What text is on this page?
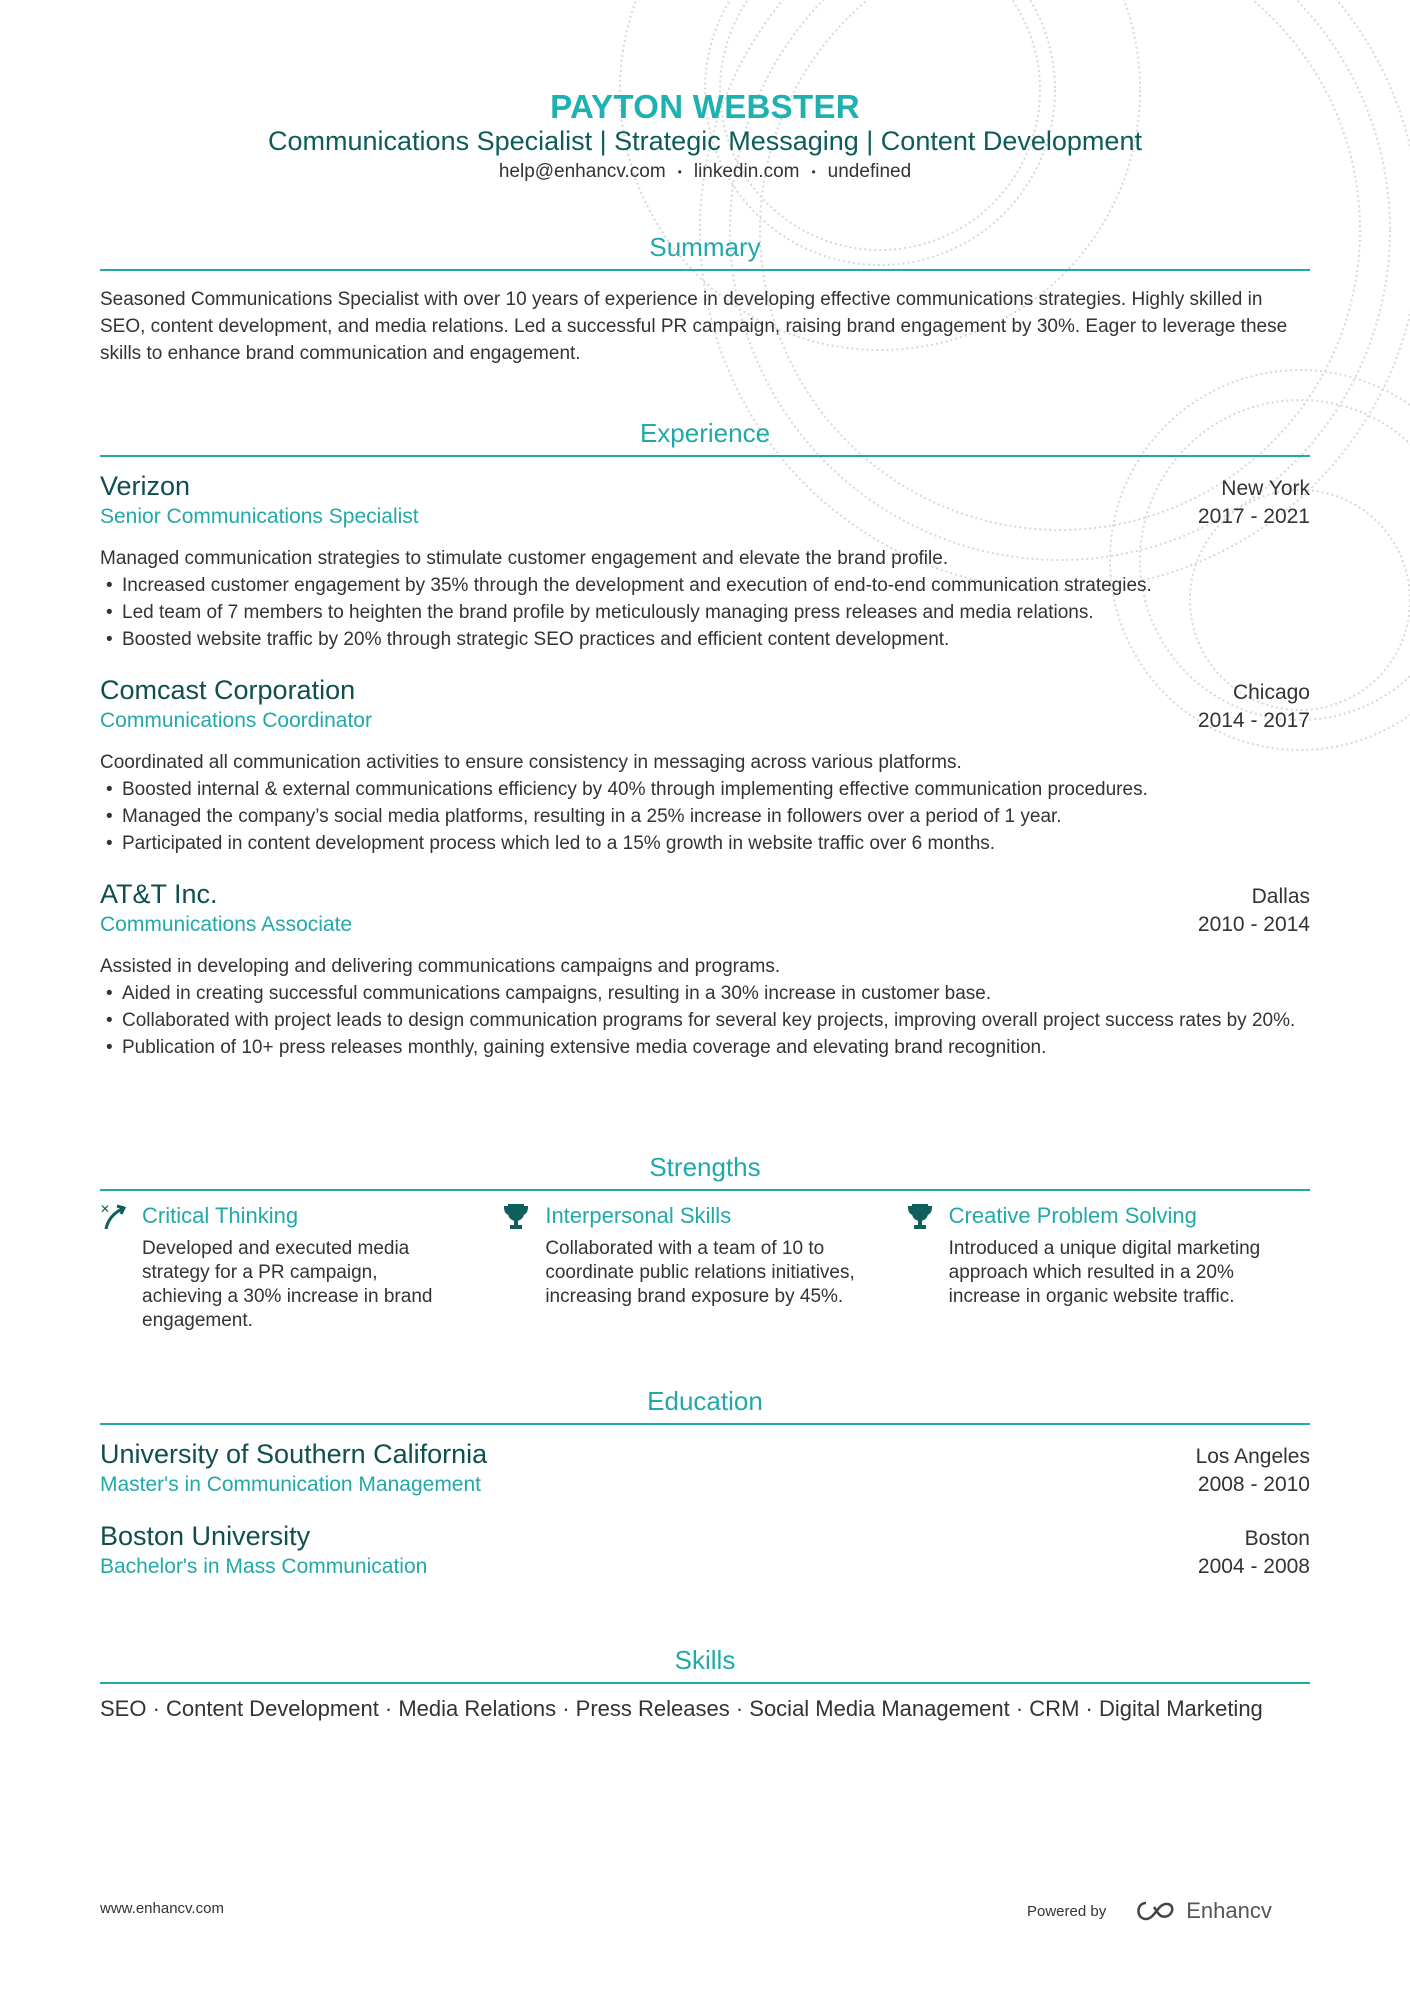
PAYTON WEBSTER
Communications Specialist | Strategic Messaging | Content Development
help@enhancv.com • linkedin.com • undefined
Summary

Seasoned Communications Specialist with over 10 years of experience in developing effective communications strategies. Highly skilled in SEO, content development, and media relations. Led a successful PR campaign, raising brand engagement by 30%. Eager to leverage these skills to enhance brand communication and engagement.

Experience
Verizon	New York
Senior Communications Specialist	2017 - 2021

Managed communication strategies to stimulate customer engagement and elevate the brand profile.

• Increased customer engagement by 35% through the development and execution of end-to-end communication strategies.
• Led team of 7 members to heighten the brand profile by meticulously managing press releases and media relations.
• Boosted website traffic by 20% through strategic SEO practices and efficient content development.
Comcast Corporation	Chicago
Communications Coordinator	2014 - 2017

Coordinated all communication activities to ensure consistency in messaging across various platforms.

• Boosted internal & external communications efficiency by 40% through implementing effective communication procedures.
• Managed the company’s social media platforms, resulting in a 25% increase in followers over a period of 1 year.
• Participated in content development process which led to a 15% growth in website traffic over 6 months.
AT&T Inc.	Dallas
Communications Associate	2010 - 2014

Assisted in developing and delivering communications campaigns and programs.

• Aided in creating successful communications campaigns, resulting in a 30% increase in customer base.
• Collaborated with project leads to design communication programs for several key projects, improving overall project success rates by 20%.
• Publication of 10+ press releases monthly, gaining extensive media coverage and elevating brand recognition.
Strengths
✕ Critical Thinking

Developed and executed media strategy for a PR campaign, achieving a 30% increase in brand engagement.

Interpersonal Skills

Collaborated with a team of 10 to coordinate public relations initiatives, increasing brand exposure by 45%.

Creative Problem Solving

Introduced a unique digital marketing approach which resulted in a 20% increase in organic website traffic.

Education
University of Southern California	Los Angeles
Master's in Communication Management	2008 - 2010
Boston University	Boston
Bachelor's in Mass Communication	2004 - 2008
Skills
SEO · Content Development · Media Relations · Press Releases · Social Media Management · CRM · Digital Marketing
www.enhancv.com	Powered by	Enhancv
